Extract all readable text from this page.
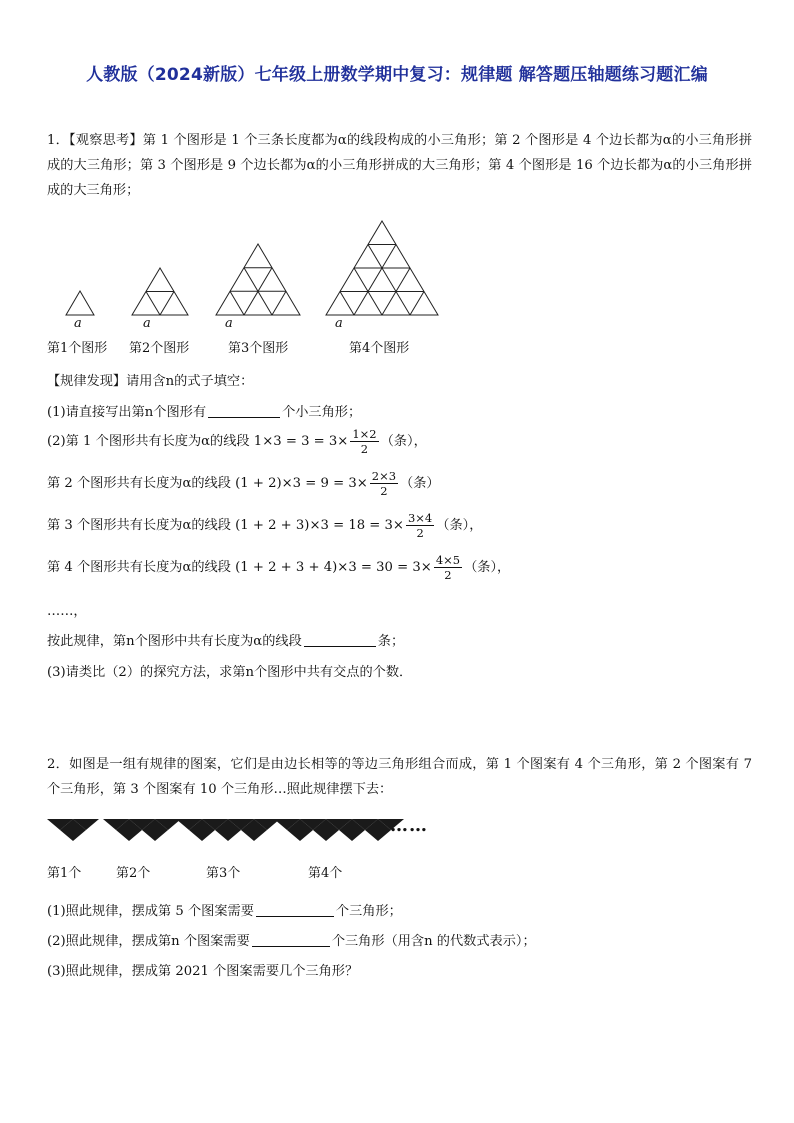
人教版（2024新版）七年级上册数学期中复习：规律题 解答题压轴题练习题汇编
1．【观察思考】第 1 个图形是 1 个三条长度都为α的线段构成的小三角形；第 2 个图形是 4 个边长都为α的小三角形拼成的大三角形；第 3 个图形是 9 个边长都为α的小三角形拼成的大三角形；第 4 个图形是 16 个边长都为α的小三角形拼成的大三角形；
a	a	a	a
第1个图形 第2个图形	第3个图形	第4个图形
【规律发现】请用含n的式子填空：
(1)请直接写出第n个图形有	个小三角形；
(2)第 1 个图形共有长度为α的线段 $1\times 3 = 3 = 3\times \frac{1\times 2}{2}$ （条），
第 2 个图形共有长度为α的线段 $(1 + 2)\times 3 = 9 = 3\times \frac{2\times 3}{2}$ （条）
第 3 个图形共有长度为α的线段 $(1 + 2 + 3)\times 3 = 18 = 3\times \frac{3\times 4}{2}$ （条），
第 4 个图形共有长度为α的线段 $(1 + 2 + 3 + 4)\times 3 = 30 = 3\times \frac{4\times 5}{2}$ （条），
……，
按此规律，第n个图形中共有长度为α的线段	条；
(3)请类比（2）的探究方法，求第n个图形中共有交点的个数．
2．如图是一组有规律的图案，它们是由边长相等的等边三角形组合而成，第 1 个图案有 4 个三角形，第 2 个图案有 7 个三角形，第 3 个图案有 10 个三角形…照此规律摆下去：
……
第1个	第2个	第3个	第4个
(1)照此规律，摆成第 5 个图案需要	个三角形；
(2)照此规律，摆成第n 个图案需要	个三角形（用含n 的代数式表示）；
(3)照此规律，摆成第 2021 个图案需要几个三角形？
